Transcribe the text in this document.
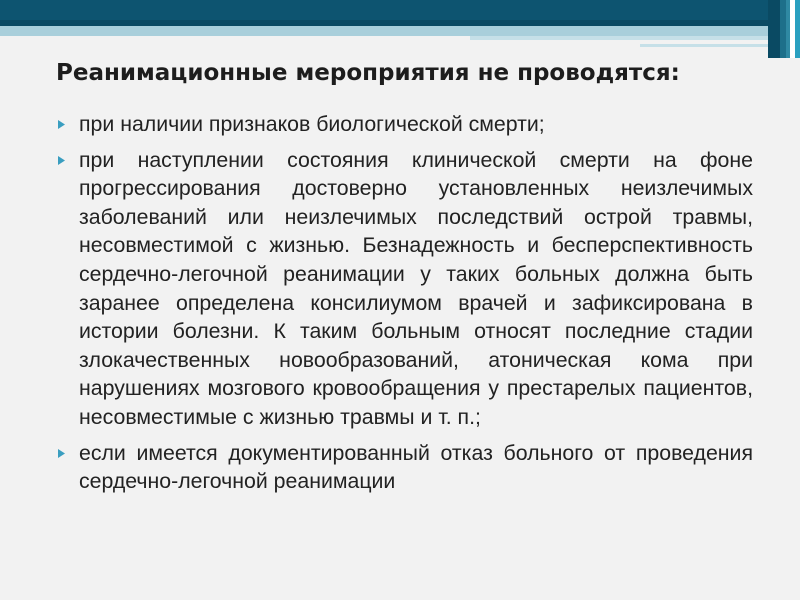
Реанимационные мероприятия не проводятся:
при наличии признаков биологической смерти;
при наступлении состояния клинической смерти на фоне прогрессирования достоверно установленных неизлечимых заболеваний или неизлечимых последствий острой травмы, несовместимой с жизнью. Безнадежность и бесперспективность сердечно-легочной реанимации у таких больных должна быть заранее определена консилиумом врачей и зафиксирована в истории болезни. К таким больным относят последние стадии злокачественных новообразований, атоническая кома при нарушениях мозгового кровообращения у престарелых пациентов, несовместимые с жизнью травмы и т. п.;
если имеется документированный отказ больного от проведения сердечно-легочной реанимации
